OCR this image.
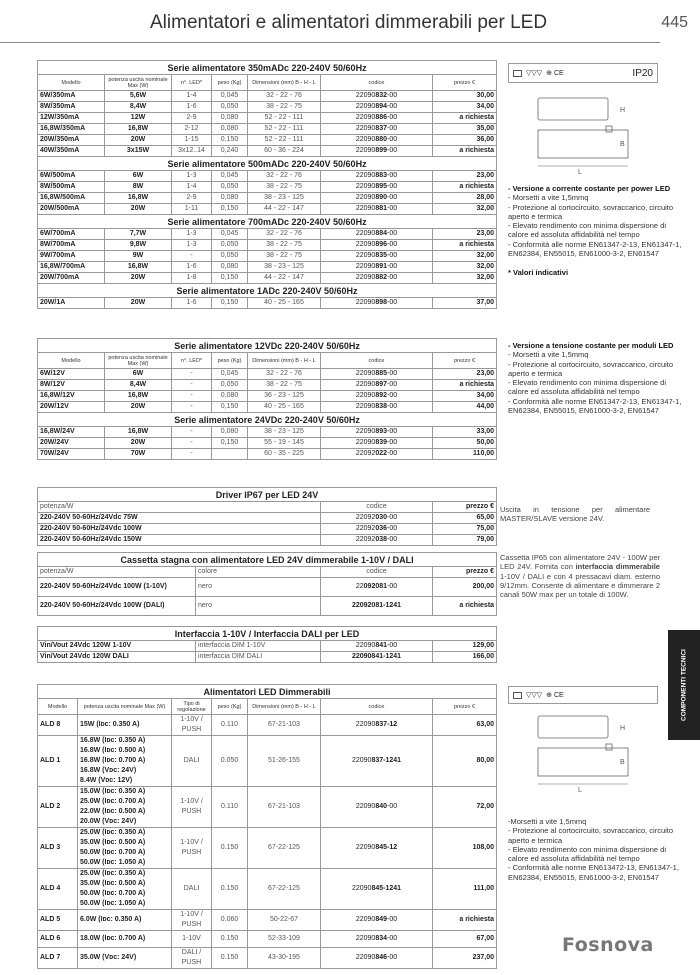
Alimentatori e alimentatori dimmerabili per LED	445
Serie alimentatore 350mADc 220-240V 50/60Hz						
Modello	potenza uscita nominale Max (W)	n°. LED*	peso (Kg)	Dimensioni (mm) B - H - L	codice	prezzo €
6W/350mA	5,6W	1-4	0,045	32 - 22 - 76	22090832-00	30,00
8W/350mA	8,4W	1-6	0,050	38 - 22 - 75	22090894-00	34,00
12W/350mA	12W	2-9	0,080	52 - 22 - 111	22090886-00	a richiesta
16,8W/350mA	16,8W	2-12	0,080	52 - 22 - 111	22090837-00	35,00
20W/350mA	20W	1-15	0,150	52 - 22 - 111	22090880-00	36,00
40W/350mA	3x15W	3x12..14	0,240	60 - 36 - 224	22090899-00	a richiesta
Serie alimentatore 500mADc 220-240V 50/60Hz						
6W/500mA	6W	1-3	0,045	32 - 22 - 76	22090883-00	23,00
8W/500mA	8W	1-4	0,050	38 - 22 - 75	22090895-00	a richiesta
16,8W/500mA	16,8W	2-9	0,080	38 - 23 - 125	22090890-00	28,00
20W/500mA	20W	1-11	0,150	44 - 22 - 147	22090881-00	32,00
Serie alimentatore 700mADc 220-240V 50/60Hz						
6W/700mA	7,7W	1-3	0,045	32 - 22 - 76	22090884-00	23,00
8W/700mA	9,8W	1-3	0,050	38 - 22 - 75	22090896-00	a richiesta
9W/700mA	9W	-	0,050	38 - 22 - 75	22090835-00	32,00
16,8W/700mA	16,8W	1-6	0,080	38 - 23 - 125	22090891-00	32,00
20W/700mA	20W	1-8	0,150	44 - 22 - 147	22090882-00	32,00
Serie alimentatore 1ADc 220-240V 50/60Hz						
20W/1A	20W	1-6	0,150	40 - 25 - 165	22090898-00	37,00
Serie alimentatore 12VDc 220-240V 50/60Hz						
Modello	potenza uscita nominale Max (W)	n°. LED*	peso (Kg)	Dimensioni (mm) B - H - L	codice	prezzo €
6W/12V	6W	-	0,045	32 - 22 - 76	22090885-00	23,00
8W/12V	8,4W	-	0,050	38 - 22 - 75	22090897-00	a richiesta
16,8W/12V	16,8W	-	0,080	36 - 23 - 125	22090892-00	34,00
20W/12V	20W	-	0,150	40 - 25 - 165	22090838-00	44,00
Serie alimentatore 24VDc 220-240V 50/60Hz						
16,8W/24V	16,8W	-	0,080	38 - 23 - 125	22090893-00	33,00
20W/24V	20W	-	0,150	55 - 19 - 145	22090839-00	50,00
70W/24V	70W	-		60 - 35 - 225	22092022-00	110,00
Driver IP67 per LED 24V		
potenza/W	codice	prezzo €
220-240V 50-60Hz/24Vdc 75W	22092030-00	65,00
220-240V 50-60Hz/24Vdc 100W	22092036-00	75,00
220-240V 50-60Hz/24Vdc 150W	22092038-00	79,00
Cassetta stagna con alimentatore LED 24V dimmerabile 1-10V / DALI			
potenza/W	colore	codice	prezzo €
220-240V 50-60Hz/24Vdc 100W (1-10V)	nero	22092081-00	200,00
220-240V 50-60Hz/24Vdc 100W (DALI)	nero	22092081-1241	a richiesta
Interfaccia 1-10V / Interfaccia DALI per LED			
Vin/Vout 24Vdc 120W 1-10V	interfaccia DIM 1-10V	22090841-00	129,00
Vin/Vout 24Vdc 120W DALI	interfaccia DIM DALI	22090841-1241	166,00
Alimentatori LED Dimmerabili						
Modello	potenza uscita nominale Max (W)	Tipo di regolazione	peso (Kg)	Dimensioni (mm) B - H - L	codice	prezzo €
ALD 8	15W (Iᴅᴄ: 0.350 A)	1-10V / PUSH	0.110	67-21-103	22090837-12	63,00
ALD 1	16.8W (Iᴅᴄ: 0.350 A)
16.8W (Iᴅᴄ: 0.500 A)
16.8W (Iᴅᴄ: 0.700 A)
16.8W (Vᴅᴄ: 24V)
8.4W (Vᴅᴄ: 12V)	DALI	0.050	51-26-155	22090837-1241	80,00
ALD 2	15.0W (Iᴅᴄ: 0.350 A)
25.0W (Iᴅᴄ: 0.700 A)
22.0W (Iᴅᴄ: 0.500 A)
20.0W (Vᴅᴄ: 24V)	1-10V / PUSH	0.110	67-21-103	22090840-00	72,00
ALD 3	25.0W (Iᴅᴄ: 0.350 A)
35.0W (Iᴅᴄ: 0.500 A)
50.0W (Iᴅᴄ: 0.700 A)
50.0W (Iᴅᴄ: 1.050 A)	1-10V / PUSH	0.150	67-22-125	22090845-12	108,00
ALD 4	25.0W (Iᴅᴄ: 0.350 A)
35.0W (Iᴅᴄ: 0.500 A)
50.0W (Iᴅᴄ: 0.700 A)
50.0W (Iᴅᴄ: 1.050 A)	DALI	0.150	67-22-125	22090845-1241	111,00
ALD 5	6.0W (Iᴅᴄ: 0.350 A)	1-10V / PUSH	0.060	50-22-67	22090849-00	a richiesta
ALD 6	18.0W (Iᴅᴄ: 0.700 A)	1-10V	0.150	52-33-109	22090834-00	67,00
ALD 7	35.0W (Vᴅᴄ: 24V)	DALI / PUSH	0.150	43-30-195	22090846-00	237,00
▽▽▽ ⊕ CE	IP20
H
B
L
- Versione a corrente costante per power LED
- Morsetti a vite 1,5mmq
- Protezione al cortocircuito, sovraccarico, circuito aperto e termica
- Elevato rendimento con minima dispersione di calore ed assoluta affidabilità nel tempo
- Conformità alle norme EN61347-2-13, EN61347-1, EN62384, EN55015, EN61000-3-2, EN61547
* Valori indicativi
- Versione a tensione costante per moduli LED
- Morsetti a vite 1,5mmq
- Protezione al cortocircuito, sovraccarico, circuito aperto e termica
- Elevato rendimento con minima dispersione di calore ed assoluta affidabilità nel tempo
- Conformità alle norme EN61347-2-13, EN61347-1, EN62384, EN55015, EN61000-3-2, EN61547
Uscita in tensione per alimentare MASTER/SLAVE versione 24V.
Cassetta IP65 con alimentatore 24V - 100W per LED 24V. Fornita con interfaccia dimmerabile 1-10V / DALI e con 4 pressacavi diam. esterno 9/12mm. Consente di alimentare e dimmerare 2 canali 50W max per un totale di 100W.
▽▽▽ ⊕ CE
H
B
L
-Morsetti a vite 1,5mmq
- Protezione al cortocircuito, sovraccarico, circuito aperto e termica
- Elevato rendimento con minima dispersione di calore ed assoluta affidabilità nel tempo
- Conformità alle norme EN613472-13, EN61347-1, EN62384, EN55015, EN61000-3-2, EN61547
COMPONENTI TECNICI
Fosnova
